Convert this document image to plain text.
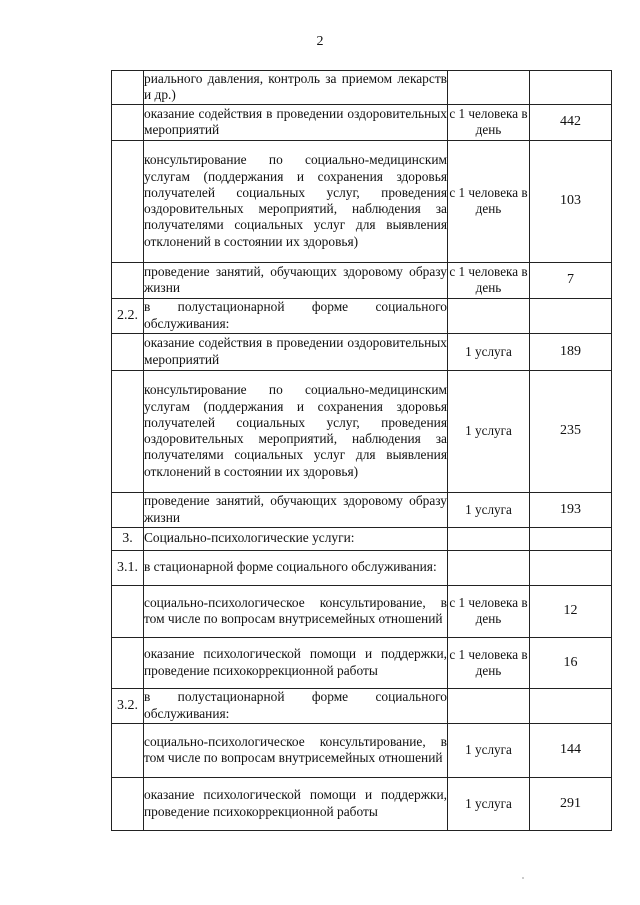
2
	риального давления, контроль за приемом лекарств и др.)		
	оказание содействия в проведении оздоровительных мероприятий	с 1 человека в день	442
	консультирование по социально-медицинским услугам (поддержания и сохранения здоровья получателей социальных услуг, проведения оздоровительных мероприятий, наблюдения за получателями социальных услуг для выявления отклонений в состоянии их здоровья)	с 1 человека в день	103
	проведение занятий, обучающих здоровому образу жизни	с 1 человека в день	7
2.2.	в полустационарной форме социального обслуживания:		
	оказание содействия в проведении оздоровительных мероприятий	1 услуга	189
	консультирование по социально-медицинским услугам (поддержания и сохранения здоровья получателей социальных услуг, проведения оздоровительных мероприятий, наблюдения за получателями социальных услуг для выявления отклонений в состоянии их здоровья)	1 услуга	235
	проведение занятий, обучающих здоровому образу жизни	1 услуга	193
3.	Социально-психологические услуги:		
3.1.	в стационарной форме социального обслуживания:		
	социально-психологическое консультирование, в том числе по вопросам внутрисемейных отношений	с 1 человека в день	12
	оказание психологической помощи и поддержки, проведение психокоррекционной работы	с 1 человека в день	16
3.2.	в полустационарной форме социального обслуживания:		
	социально-психологическое консультирование, в том числе по вопросам внутрисемейных отношений	1 услуга	144
	оказание психологической помощи и поддержки, проведение психокоррекционной работы	1 услуга	291
